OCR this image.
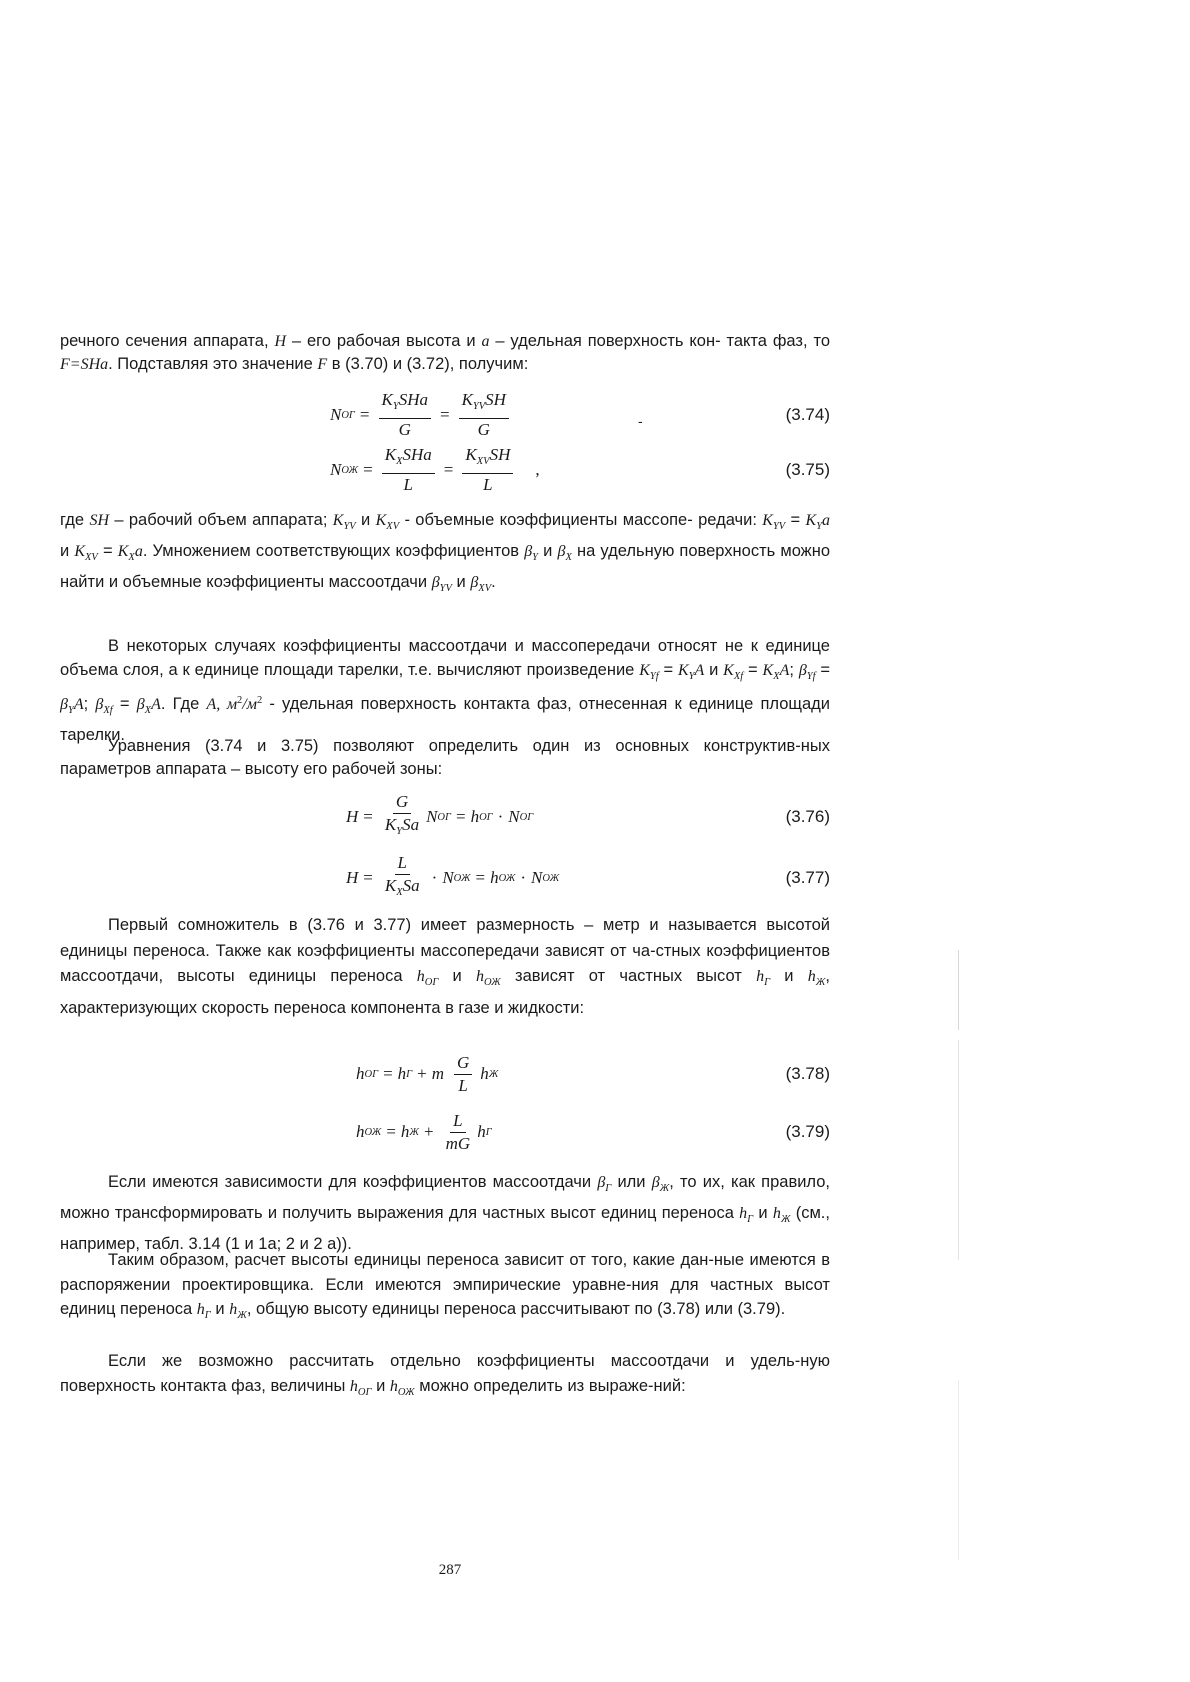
речного сечения аппарата, H – его рабочая высота и a – удельная поверхность кон- такта фаз, то F=SHa. Подставляя это значение F в (3.70) и (3.72), получим:

N ОГ = $\frac{K_YSHa}{G} = \frac{K_{YV}SH}{G}$	-	(3.74)
N ОЖ = $\frac{K_XSHa}{L} = \frac{K_{XV}SH}{L}$ ,	(3.75)

где SH – рабочий объем аппарата; $K_{YV}$ и $K_{XV}$ - объемные коэффициенты массопе- редачи: $K_{YV} = K_Ya$ и $K_{XV} = K_Xa$. Умножением соответствующих коэффициентов $\beta_Y$ и $\beta_X$ на удельную поверхность можно найти и объемные коэффициенты массоотдачи $\beta_{YV}$ и $\beta_{XV}$.

В некоторых случаях коэффициенты массоотдачи и массопередачи относят не к единице объема слоя, а к единице площади тарелки, т.е. вычисляют произведение $K_{Yf} = K_YA$ и $K_{Xf} = K_XA$; $\beta_{Yf} = \beta_YA$; $\beta_{Xf} = \beta_XA$. Где A, $м^2/м^2$ - удельная поверхность контакта фаз, отнесенная к единице площади тарелки.

Уравнения (3.74 и 3.75) позволяют определить один из основных конструктив-ных параметров аппарата – высоту его рабочей зоны:

$H = \frac{G}{K_YSa}$ N ОГ = h ОГ · N ОГ	(3.76)
$H = \frac{L}{K_XSa} \cdot N$ ОЖ = h ОЖ · N ОЖ	(3.77)

Первый сомножитель в (3.76 и 3.77) имеет размерность – метр и называется высотой единицы переноса. Также как коэффициенты массопередачи зависят от ча-стных коэффициентов массоотдачи, высоты единицы переноса $h_{ОГ}$ и $h_{ОЖ}$ зависят от частных высот $h_Г$ и $h_Ж$, характеризующих скорость переноса компонента в газе и жидкости:

h ОГ = h Г + m $\frac{G}{L}$ h Ж	(3.78)
h ОЖ = h $Ж + \frac{L}{mG}$ h Г	(3.79)

Если имеются зависимости для коэффициентов массоотдачи $\beta_Г$ или $\beta_Ж$, то их, как правило, можно трансформировать и получить выражения для частных высот единиц переноса $h_Г$ и $h_Ж$ (см., например, табл. 3.14 (1 и 1а; 2 и 2 а)).

Таким образом, расчет высоты единицы переноса зависит от того, какие дан-ные имеются в распоряжении проектировщика. Если имеются эмпирические уравне-ния для частных высот единиц переноса $h_Г$ и $h_Ж$, общую высоту единицы переноса рассчитывают по (3.78) или (3.79).

Если же возможно рассчитать отдельно коэффициенты массоотдачи и удель-ную поверхность контакта фаз, величины $h_{ОГ}$ и $h_{ОЖ}$ можно определить из выраже-ний:

287
